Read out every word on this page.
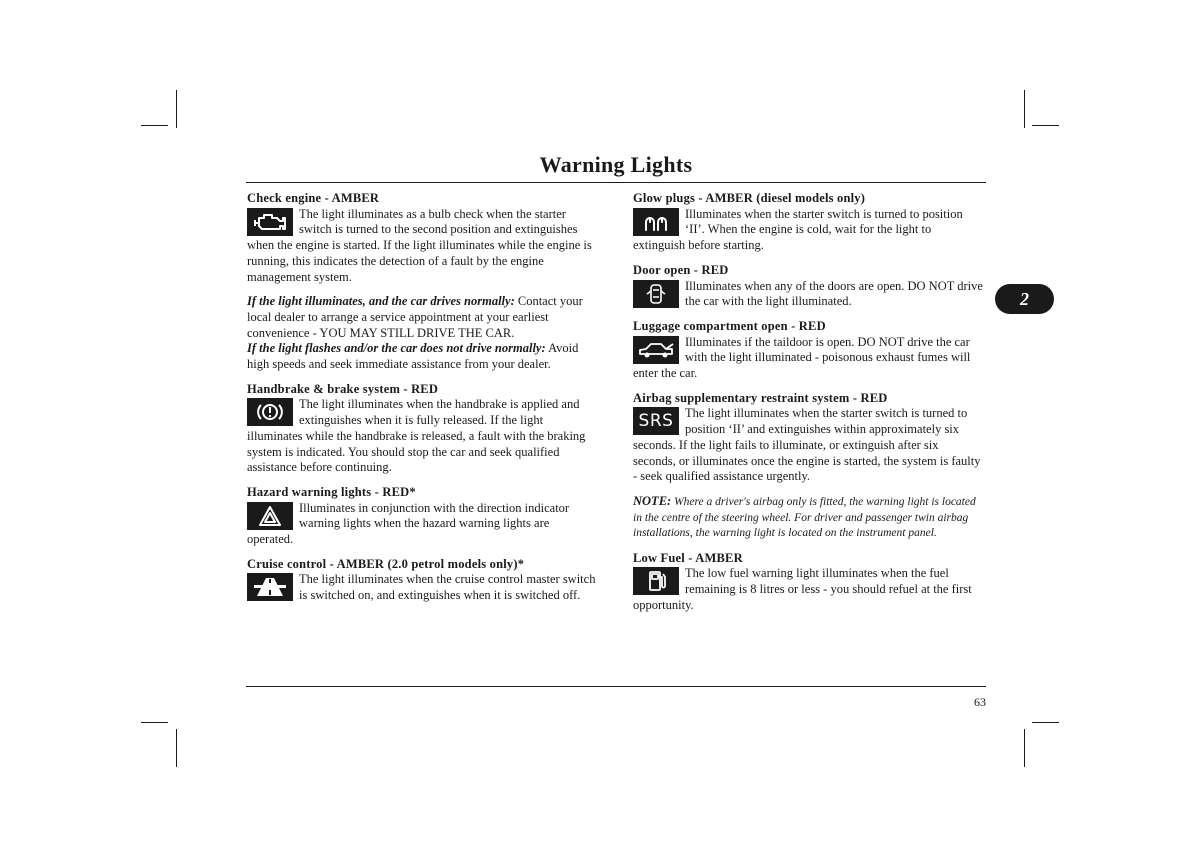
Warning Lights
2
Check engine - AMBER

The light illuminates as a bulb check when the starter switch is turned to the second position and extinguishes when the engine is started. If the light illuminates while the engine is running, this indicates the detection of a fault by the engine management system.

If the light illuminates, and the car drives normally: Contact your local dealer to arrange a service appointment at your earliest convenience - YOU MAY STILL DRIVE THE CAR.

If the light flashes and/or the car does not drive normally: Avoid high speeds and seek immediate assistance from your dealer.

Handbrake & brake system - RED

The light illuminates when the handbrake is applied and extinguishes when it is fully released. If the light illuminates while the handbrake is released, a fault with the braking system is indicated. You should stop the car and seek qualified assistance before continuing.

Hazard warning lights - RED*

Illuminates in conjunction with the direction indicator warning lights when the hazard warning lights are operated.

Cruise control - AMBER (2.0 petrol models only)*

The light illuminates when the cruise control master switch is switched on, and extinguishes when it is switched off.

Glow plugs - AMBER (diesel models only)

Illuminates when the starter switch is turned to position ‘II’. When the engine is cold, wait for the light to extinguish before starting.

Door open - RED

Illuminates when any of the doors are open. DO NOT drive the car with the light illuminated.

Luggage compartment open - RED

Illuminates if the taildoor is open. DO NOT drive the car with the light illuminated - poisonous exhaust fumes will enter the car.

Airbag supplementary restraint system - RED
SRS The light illuminates when the starter switch is turned to position ‘II’ and extinguishes within approximately six seconds. If the light fails to illuminate, or extinguish after six seconds, or illuminates once the engine is started, the system is faulty - seek qualified assistance urgently.

NOTE: Where a driver's airbag only is fitted, the warning light is located in the centre of the steering wheel. For driver and passenger twin airbag installations, the warning light is located on the instrument panel.

Low Fuel - AMBER

The low fuel warning light illuminates when the fuel remaining is 8 litres or less - you should refuel at the first opportunity.

63
